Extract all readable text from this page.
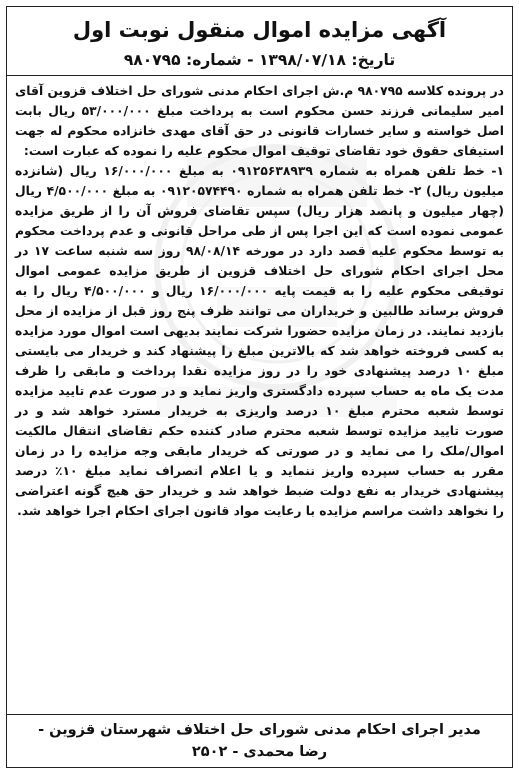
آگهی مزایده اموال منقول نوبت اول

تاریخ: ۱۳۹۸/۰۷/۱۸ - شماره: ۹۸۰۷۹۵

در پرونده کلاسه ۹۸۰۷۹۵ م.ش اجرای احکام مدنی شورای حل اختلاف قزوین آقای امیر سلیمانی فرزند حسن محکوم است به پرداخت مبلغ ۵۳/۰۰۰/۰۰۰ ریال بابت اصل خواسته و سایر خسارات قانونی در حق آقای مهدی خانزاده محکوم له جهت استیفای حقوق خود تقاضای توقیف اموال محکوم علیه را نموده که عبارت است:
۱- خط تلفن همراه به شماره ۰۹۱۲۵۶۳۸۹۳۹ به مبلغ ۱۶/۰۰۰/۰۰۰ ریال (شانزده میلیون ریال) ۲- خط تلفن همراه به شماره ۰۹۱۲۰۵۷۴۴۹۰ به مبلغ ۴/۵۰۰/۰۰۰ ریال (چهار میلیون و پانصد هزار ریال) سپس تقاضای فروش آن را از طریق مزایده عمومی نموده است که این اجرا پس از طی مراحل قانونی و عدم پرداخت محکوم به توسط محکوم علیه قصد دارد در مورخه ۹۸/۰۸/۱۴ روز سه شنبه ساعت ۱۷ در محل اجرای احکام شورای حل اختلاف قزوین از طریق مزایده عمومی اموال توقیفی محکوم علیه را به قیمت پایه ۱۶/۰۰۰/۰۰۰ ریال و ۴/۵۰۰/۰۰۰ ریال را به فروش برساند طالبین و خریداران می توانند ظرف پنج روز قبل از مزایده از محل بازدید نمایند. در زمان مزایده حضورا شرکت نمایند بدیهی است اموال مورد مزایده به کسی فروخته خواهد شد که بالاترین مبلغ را پیشنهاد کند و خریدار می بایستی مبلغ ۱۰ درصد پیشنهادی خود را در روز مزایده نقدا پرداخت و مابقی را ظرف مدت یک ماه به حساب سپرده دادگستری واریز نماید و در صورت عدم تایید مزایده توسط شعبه محترم مبلغ ۱۰ درصد واریزی به خریدار مسترد خواهد شد و در صورت تایید مزایده توسط شعبه محترم صادر کننده حکم تقاضای انتقال مالکیت اموال/ملک را می نماید و در صورتی که خریدار مابقی وجه مزایده را در زمان مقرر به حساب سپرده واریز ننماید و یا اعلام انصراف نماید مبلغ ۱۰٪ درصد پیشنهادی خریدار به نفع دولت ضبط خواهد شد و خریدار حق هیچ گونه اعتراضی را نخواهد داشت مراسم مزایده با رعایت مواد قانون اجرای احکام اجرا خواهد شد.

مدیر اجرای احکام مدنی شورای حل اختلاف شهرستان قزوین -

رضا محمدی - ۲۵۰۲
